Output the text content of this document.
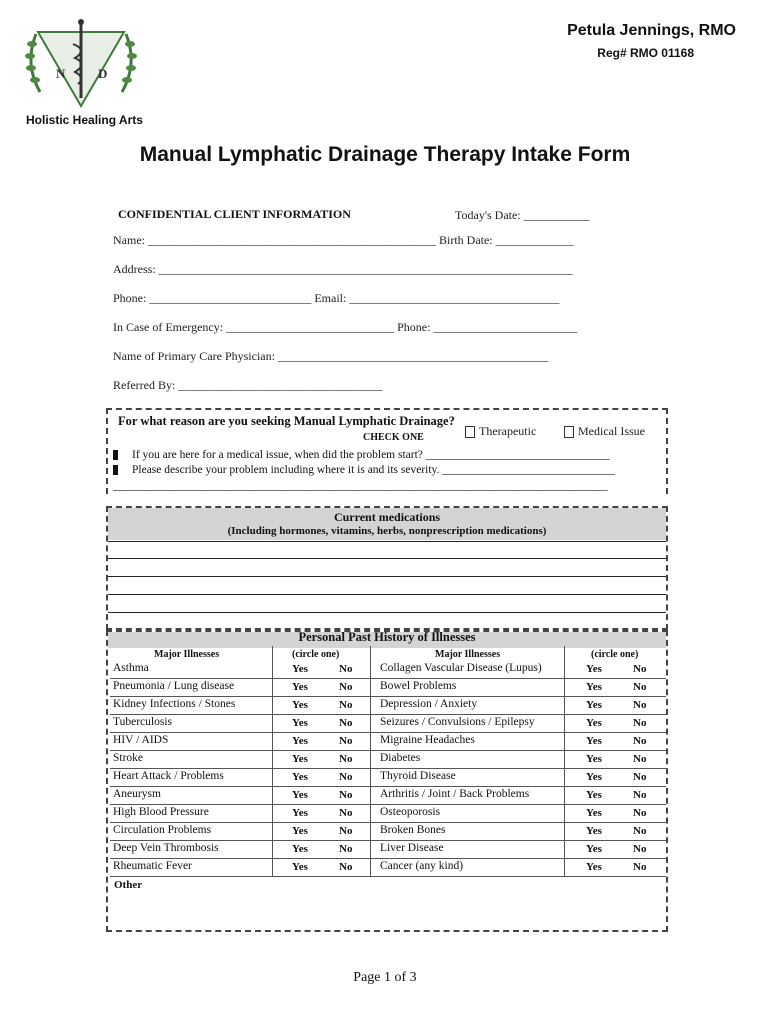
N	D
Petula Jennings, RMO
Reg# RMO 01168
Holistic Healing Arts
Manual Lymphatic Drainage Therapy Intake Form
CONFIDENTIAL CLIENT INFORMATION	Today's Date: ___________
Name: ________________________________________________ Birth Date: _____________
Address: _____________________________________________________________________
Phone: ___________________________ Email: ___________________________________
In Case of Emergency: ____________________________ Phone: ________________________
Name of Primary Care Physician: _____________________________________________
Referred By: __________________________________
For what reason are you seeking Manual Lymphatic Drainage?
CHECK ONE	Therapeutic	Medical Issue
If you are here for a medical issue, when did the problem start? ________________________________
Please describe your problem including where it is and its severity. ______________________________
______________________________________________________________________________________
Current medications
(Including hormones, vitamins, herbs, nonprescription medications)
Personal Past History of Illnesses
Major Illnesses	(circle one)	Major Illnesses	(circle one)
Asthma	Yes	No Collagen Vascular Disease (Lupus)	Yes	No
Pneumonia / Lung disease	Yes	No Bowel Problems	Yes	No
Kidney Infections / Stones	Yes	No Depression / Anxiety	Yes	No
Tuberculosis	Yes	No Seizures / Convulsions / Epilepsy	Yes	No
HIV / AIDS	Yes	No Migraine Headaches	Yes	No
Stroke	Yes	No Diabetes	Yes	No
Heart Attack / Problems	Yes	No Thyroid Disease	Yes	No
Aneurysm	Yes	No Arthritis / Joint / Back Problems	Yes	No
High Blood Pressure	Yes	No Osteoporosis	Yes	No
Circulation Problems	Yes	No Broken Bones	Yes	No
Deep Vein Thrombosis	Yes	No Liver Disease	Yes	No
Rheumatic Fever	Yes	No Cancer (any kind)	Yes	No
Other
Page 1 of 3
